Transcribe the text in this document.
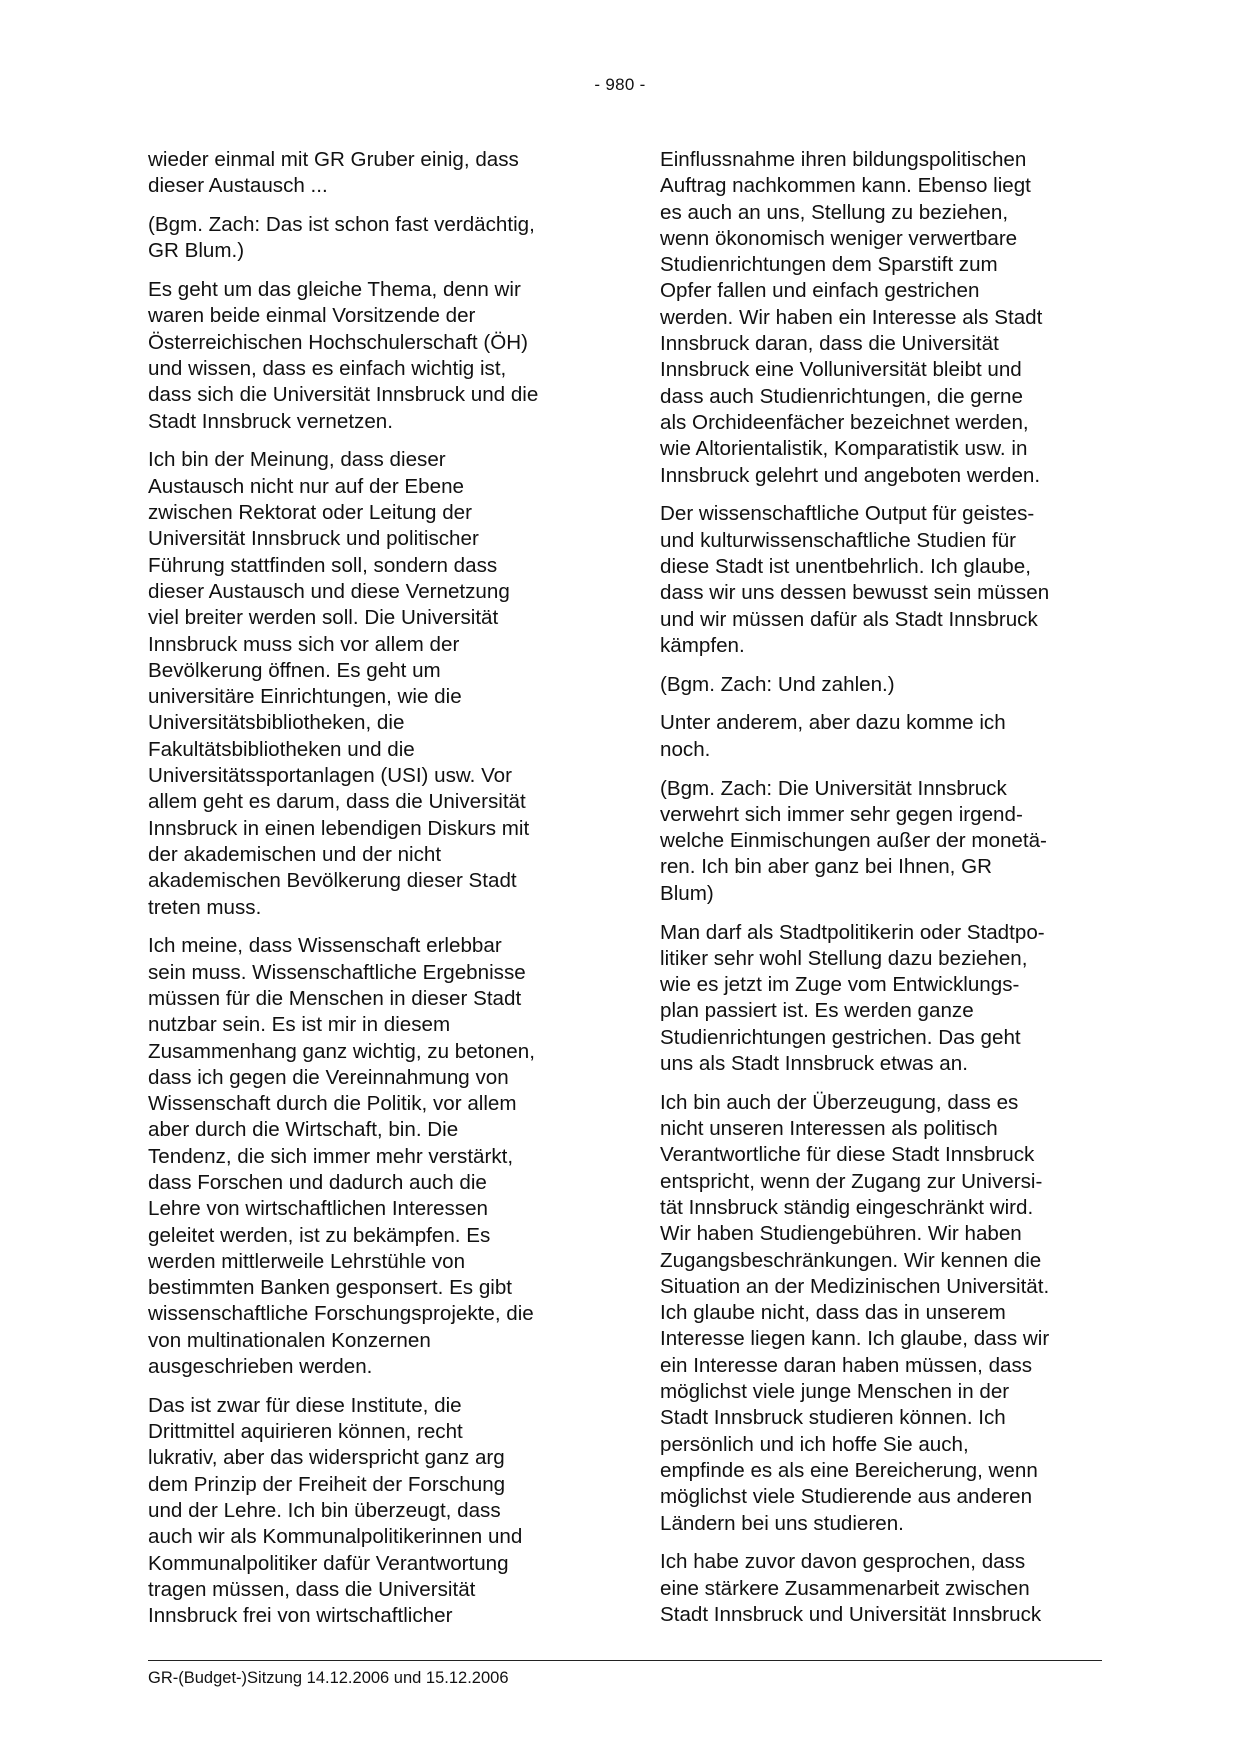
- 980 -

wieder einmal mit GR Gruber einig, dass
dieser Austausch ...

(Bgm. Zach: Das ist schon fast verdächtig,
GR Blum.)

Es geht um das gleiche Thema, denn wir
waren beide einmal Vorsitzende der
Österreichischen Hochschulerschaft (ÖH)
und wissen, dass es einfach wichtig ist,
dass sich die Universität Innsbruck und die
Stadt Innsbruck vernetzen.

Ich bin der Meinung, dass dieser
Austausch nicht nur auf der Ebene
zwischen Rektorat oder Leitung der
Universität Innsbruck und politischer
Führung stattfinden soll, sondern dass
dieser Austausch und diese Vernetzung
viel breiter werden soll. Die Universität
Innsbruck muss sich vor allem der
Bevölkerung öffnen. Es geht um
universitäre Einrichtungen, wie die
Universitätsbibliotheken, die
Fakultätsbibliotheken und die
Universitätssportanlagen (USI) usw. Vor
allem geht es darum, dass die Universität
Innsbruck in einen lebendigen Diskurs mit
der akademischen und der nicht
akademischen Bevölkerung dieser Stadt
treten muss.

Ich meine, dass Wissenschaft erlebbar
sein muss. Wissenschaftliche Ergebnisse
müssen für die Menschen in dieser Stadt
nutzbar sein. Es ist mir in diesem
Zusammenhang ganz wichtig, zu betonen,
dass ich gegen die Vereinnahmung von
Wissenschaft durch die Politik, vor allem
aber durch die Wirtschaft, bin. Die
Tendenz, die sich immer mehr verstärkt,
dass Forschen und dadurch auch die
Lehre von wirtschaftlichen Interessen
geleitet werden, ist zu bekämpfen. Es
werden mittlerweile Lehrstühle von
bestimmten Banken gesponsert. Es gibt
wissenschaftliche Forschungsprojekte, die
von multinationalen Konzernen
ausgeschrieben werden.

Das ist zwar für diese Institute, die
Drittmittel aquirieren können, recht
lukrativ, aber das widerspricht ganz arg
dem Prinzip der Freiheit der Forschung
und der Lehre. Ich bin überzeugt, dass
auch wir als Kommunalpolitikerinnen und
Kommunalpolitiker dafür Verantwortung
tragen müssen, dass die Universität
Innsbruck frei von wirtschaftlicher

Einflussnahme ihren bildungspolitischen
Auftrag nachkommen kann. Ebenso liegt
es auch an uns, Stellung zu beziehen,
wenn ökonomisch weniger verwertbare
Studienrichtungen dem Sparstift zum
Opfer fallen und einfach gestrichen
werden. Wir haben ein Interesse als Stadt
Innsbruck daran, dass die Universität
Innsbruck eine Volluniversität bleibt und
dass auch Studienrichtungen, die gerne
als Orchideenfächer bezeichnet werden,
wie Altorientalistik, Komparatistik usw. in
Innsbruck gelehrt und angeboten werden.

Der wissenschaftliche Output für geistes-
und kulturwissenschaftliche Studien für
diese Stadt ist unentbehrlich. Ich glaube,
dass wir uns dessen bewusst sein müssen
und wir müssen dafür als Stadt Innsbruck
kämpfen.

(Bgm. Zach: Und zahlen.)

Unter anderem, aber dazu komme ich
noch.

(Bgm. Zach: Die Universität Innsbruck
verwehrt sich immer sehr gegen irgend-
welche Einmischungen außer der monetä-
ren. Ich bin aber ganz bei Ihnen, GR
Blum)

Man darf als Stadtpolitikerin oder Stadtpo-
litiker sehr wohl Stellung dazu beziehen,
wie es jetzt im Zuge vom Entwicklungs-
plan passiert ist. Es werden ganze
Studienrichtungen gestrichen. Das geht
uns als Stadt Innsbruck etwas an.

Ich bin auch der Überzeugung, dass es
nicht unseren Interessen als politisch
Verantwortliche für diese Stadt Innsbruck
entspricht, wenn der Zugang zur Universi-
tät Innsbruck ständig eingeschränkt wird.
Wir haben Studiengebühren. Wir haben
Zugangsbeschränkungen. Wir kennen die
Situation an der Medizinischen Universität.
Ich glaube nicht, dass das in unserem
Interesse liegen kann. Ich glaube, dass wir
ein Interesse daran haben müssen, dass
möglichst viele junge Menschen in der
Stadt Innsbruck studieren können. Ich
persönlich und ich hoffe Sie auch,
empfinde es als eine Bereicherung, wenn
möglichst viele Studierende aus anderen
Ländern bei uns studieren.

Ich habe zuvor davon gesprochen, dass
eine stärkere Zusammenarbeit zwischen
Stadt Innsbruck und Universität Innsbruck

GR-(Budget-)Sitzung 14.12.2006 und 15.12.2006
